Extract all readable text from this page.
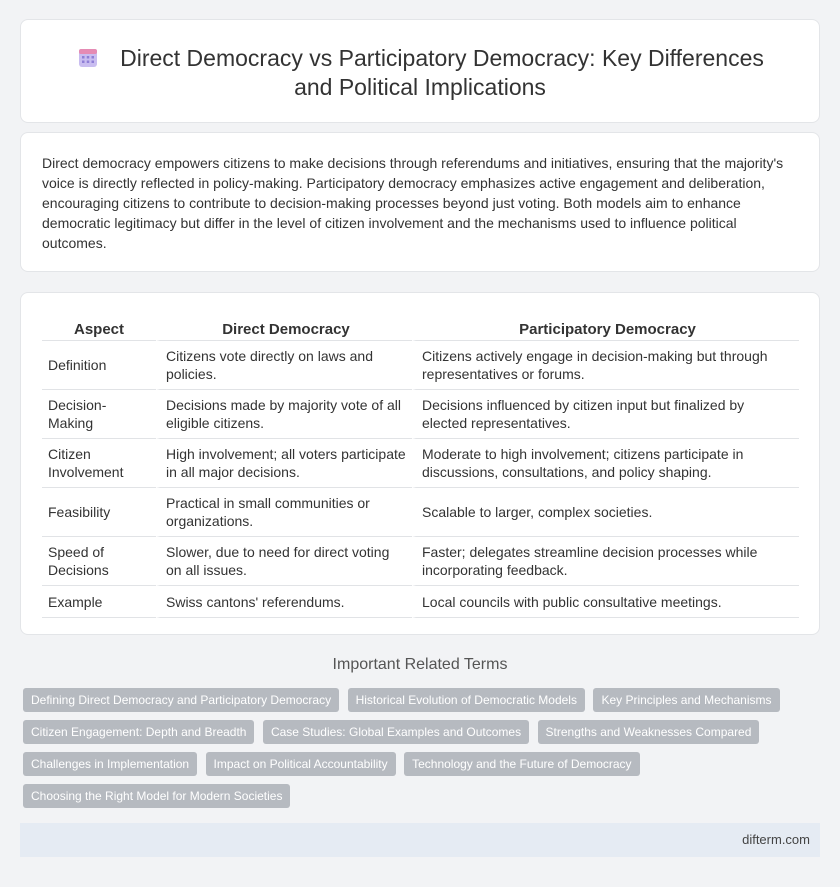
Direct Democracy vs Participatory Democracy: Key Differences and Political Implications

Direct democracy empowers citizens to make decisions through referendums and initiatives, ensuring that the majority's voice is directly reflected in policy-making. Participatory democracy emphasizes active engagement and deliberation, encouraging citizens to contribute to decision-making processes beyond just voting. Both models aim to enhance democratic legitimacy but differ in the level of citizen involvement and the mechanisms used to influence political outcomes.

Aspect	Direct Democracy	Participatory Democracy
Definition	Citizens vote directly on laws and policies.	Citizens actively engage in decision-making but through representatives or forums.
Decision-Making	Decisions made by majority vote of all eligible citizens.	Decisions influenced by citizen input but finalized by elected representatives.
Citizen Involvement	High involvement; all voters participate in all major decisions.	Moderate to high involvement; citizens participate in discussions, consultations, and policy shaping.
Feasibility	Practical in small communities or organizations.	Scalable to larger, complex societies.
Speed of Decisions	Slower, due to need for direct voting on all issues.	Faster; delegates streamline decision processes while incorporating feedback.
Example	Swiss cantons' referendums.	Local councils with public consultative meetings.
Important Related Terms
Defining Direct Democracy and Participatory Democracy Historical Evolution of Democratic Models Key Principles and Mechanisms Citizen Engagement: Depth and Breadth Case Studies: Global Examples and Outcomes Strengths and Weaknesses Compared Challenges in Implementation Impact on Political Accountability Technology and the Future of Democracy Choosing the Right Model for Modern Societies
difterm.com
